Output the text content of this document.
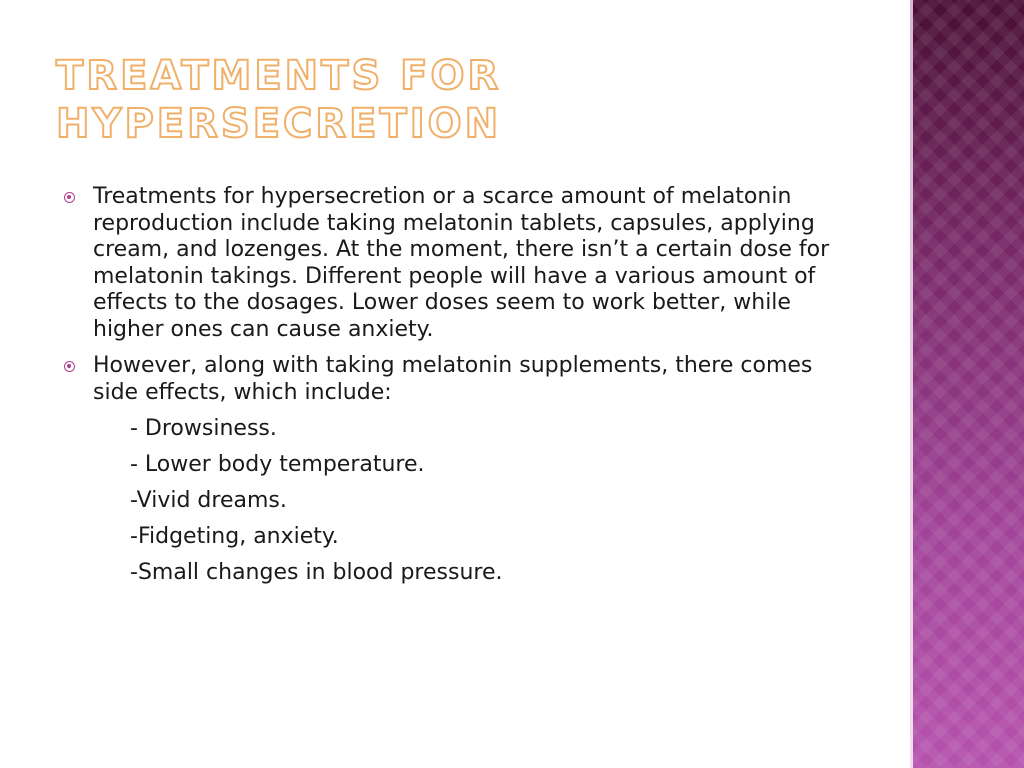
TREATMENTS FOR
HYPERSECRETION
Treatments for hypersecretion or a scarce amount of melatonin reproduction include taking melatonin tablets, capsules, applying cream, and lozenges. At the moment, there isn’t a certain dose for melatonin takings. Different people will have a various amount of effects to the dosages. Lower doses seem to work better, while higher ones can cause anxiety.
However, along with taking melatonin supplements, there comes side effects, which include:
- Drowsiness.
- Lower body temperature.
-Vivid dreams.
-Fidgeting, anxiety.
-Small changes in blood pressure.
